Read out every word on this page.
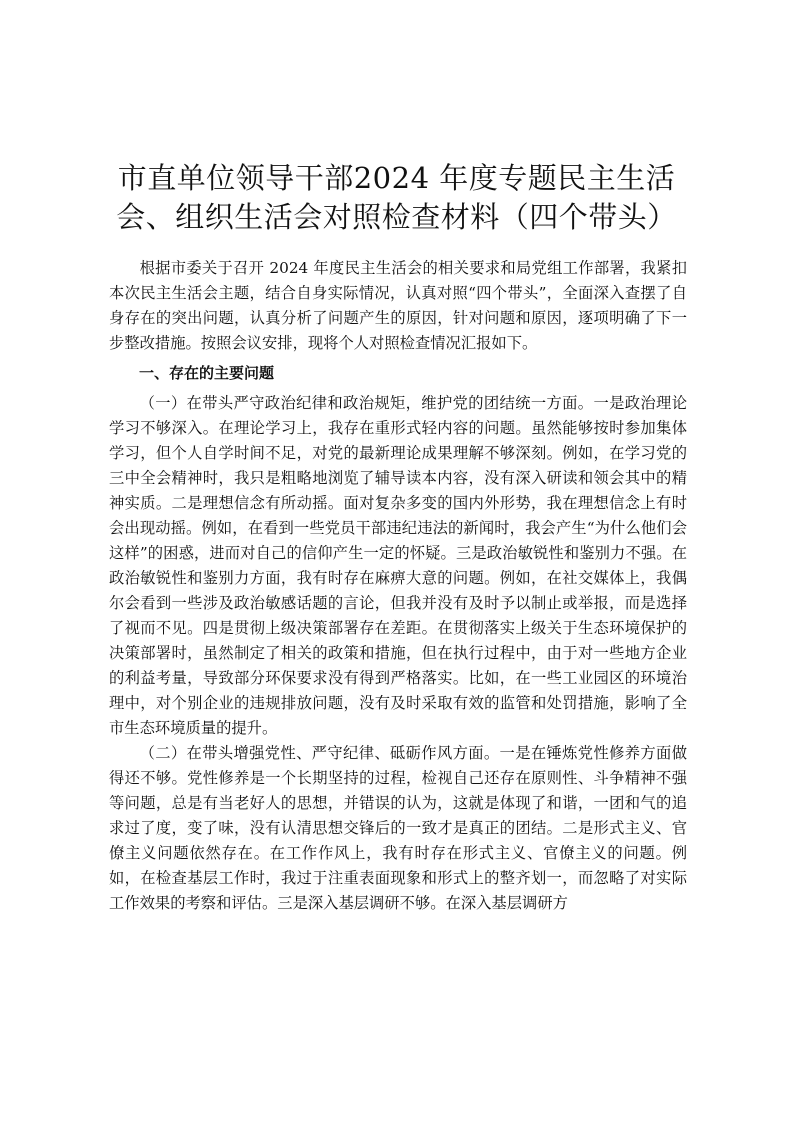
市直单位领导干部2024 年度专题民主生活会、组织生活会对照检查材料（四个带头）

根据市委关于召开 2024 年度民主生活会的相关要求和局党组工作部署，我紧扣本次民主生活会主题，结合自身实际情况，认真对照“四个带头”，全面深入查摆了自身存在的突出问题，认真分析了问题产生的原因，针对问题和原因，逐项明确了下一步整改措施。按照会议安排，现将个人对照检查情况汇报如下。

一、存在的主要问题

（一）在带头严守政治纪律和政治规矩，维护党的团结统一方面。一是政治理论学习不够深入。在理论学习上，我存在重形式轻内容的问题。虽然能够按时参加集体学习，但个人自学时间不足，对党的最新理论成果理解不够深刻。例如，在学习党的三中全会精神时，我只是粗略地浏览了辅导读本内容，没有深入研读和领会其中的精神实质。二是理想信念有所动摇。面对复杂多变的国内外形势，我在理想信念上有时会出现动摇。例如，在看到一些党员干部违纪违法的新闻时，我会产生“为什么他们会这样”的困惑，进而对自己的信仰产生一定的怀疑。三是政治敏锐性和鉴别力不强。在政治敏锐性和鉴别力方面，我有时存在麻痹大意的问题。例如，在社交媒体上，我偶尔会看到一些涉及政治敏感话题的言论，但我并没有及时予以制止或举报，而是选择了视而不见。四是贯彻上级决策部署存在差距。在贯彻落实上级关于生态环境保护的决策部署时，虽然制定了相关的政策和措施，但在执行过程中，由于对一些地方企业的利益考量，导致部分环保要求没有得到严格落实。比如，在一些工业园区的环境治理中，对个别企业的违规排放问题，没有及时采取有效的监管和处罚措施，影响了全市生态环境质量的提升。

（二）在带头增强党性、严守纪律、砥砺作风方面。一是在锤炼党性修养方面做得还不够。党性修养是一个长期坚持的过程，检视自己还存在原则性、斗争精神不强等问题，总是有当老好人的思想，并错误的认为，这就是体现了和谐，一团和气的追求过了度，变了味，没有认清思想交锋后的一致才是真正的团结。二是形式主义、官僚主义问题依然存在。在工作作风上，我有时存在形式主义、官僚主义的问题。例如，在检查基层工作时，我过于注重表面现象和形式上的整齐划一，而忽略了对实际工作效果的考察和评估。三是深入基层调研不够。在深入基层调研方
